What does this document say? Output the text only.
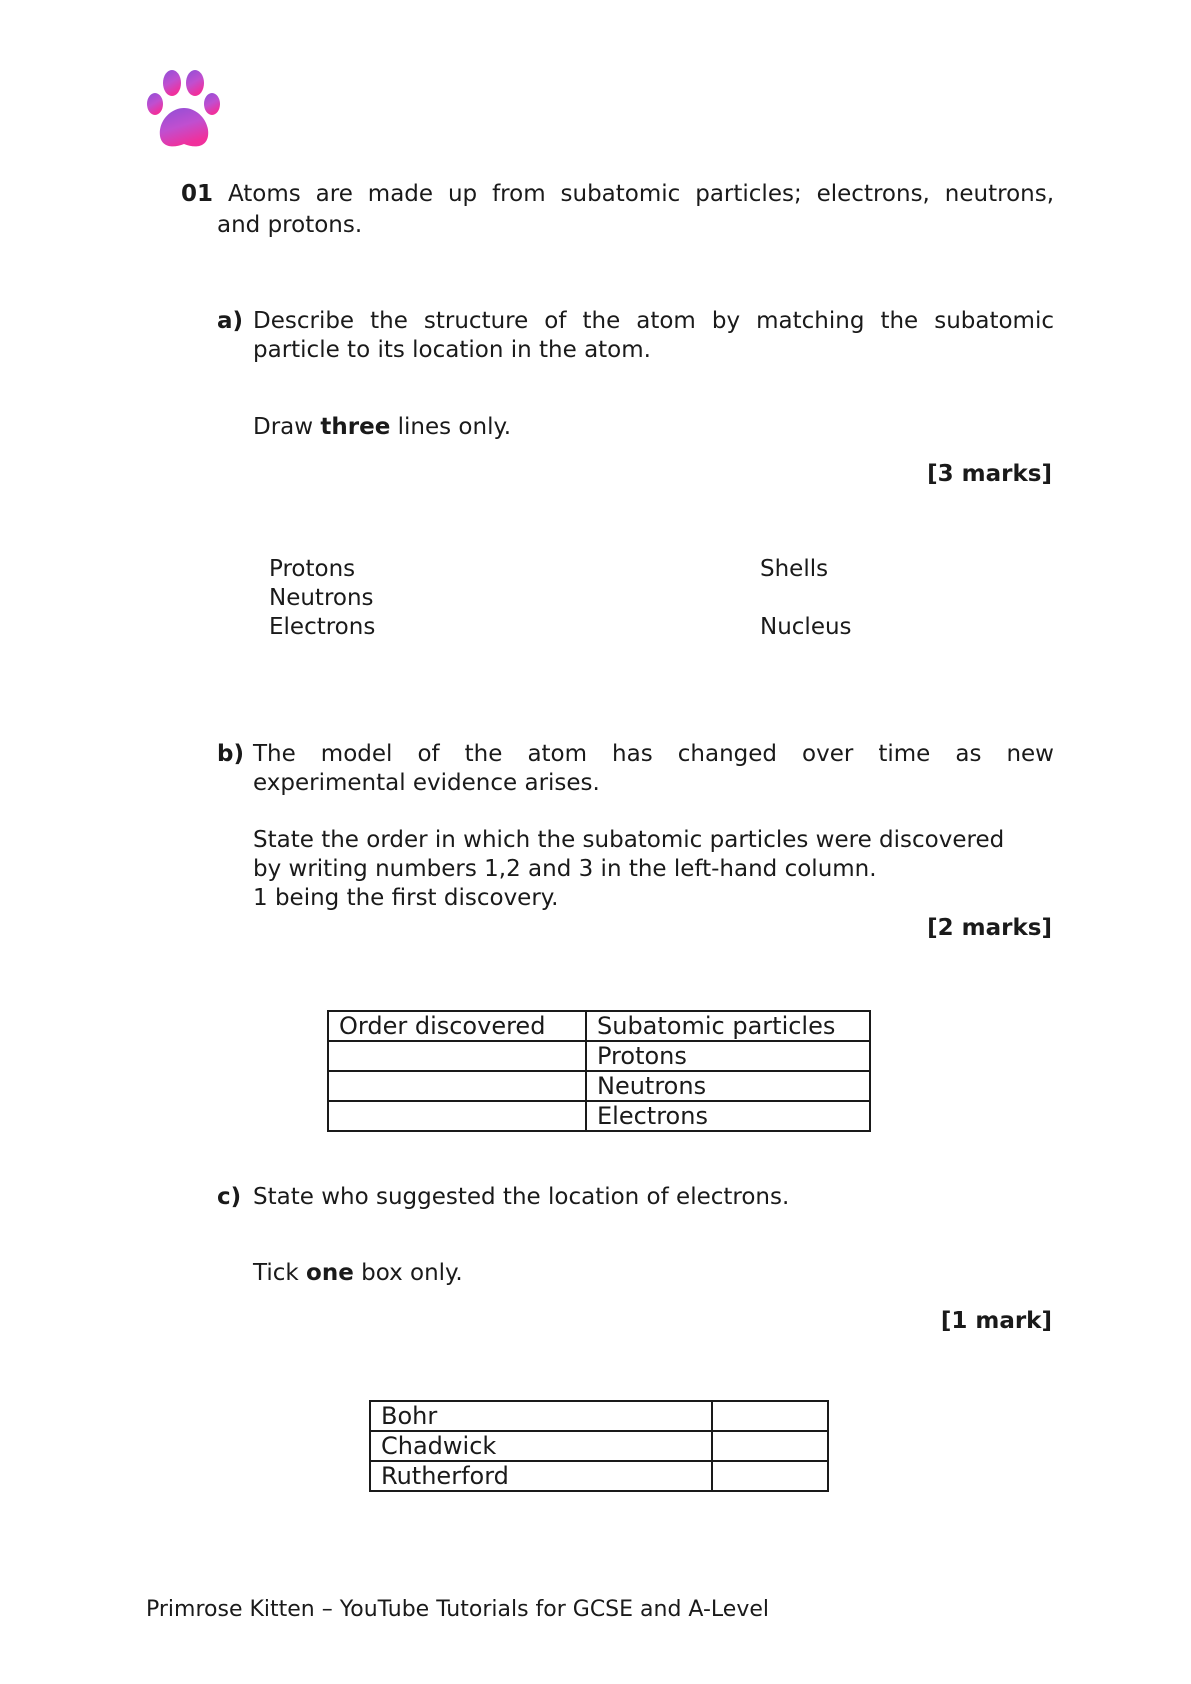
01 Atoms are made up from subatomic particles; electrons, neutrons,
and protons.
a) Describe the structure of the atom by matching the subatomic
particle to its location in the atom.
Draw three lines only.
[3 marks]
Protons
Neutrons
Electrons
Shells
Nucleus
b) The model of the atom has changed over time as new
experimental evidence arises.
State the order in which the subatomic particles were discovered
by writing numbers 1,2 and 3 in the left-hand column.
1 being the first discovery.
[2 marks]
Order discovered	Subatomic particles
	Protons
	Neutrons
	Electrons
c) State who suggested the location of electrons.
Tick one box only.
[1 mark]
Bohr	
Chadwick	
Rutherford	
Primrose Kitten – YouTube Tutorials for GCSE and A-Level
